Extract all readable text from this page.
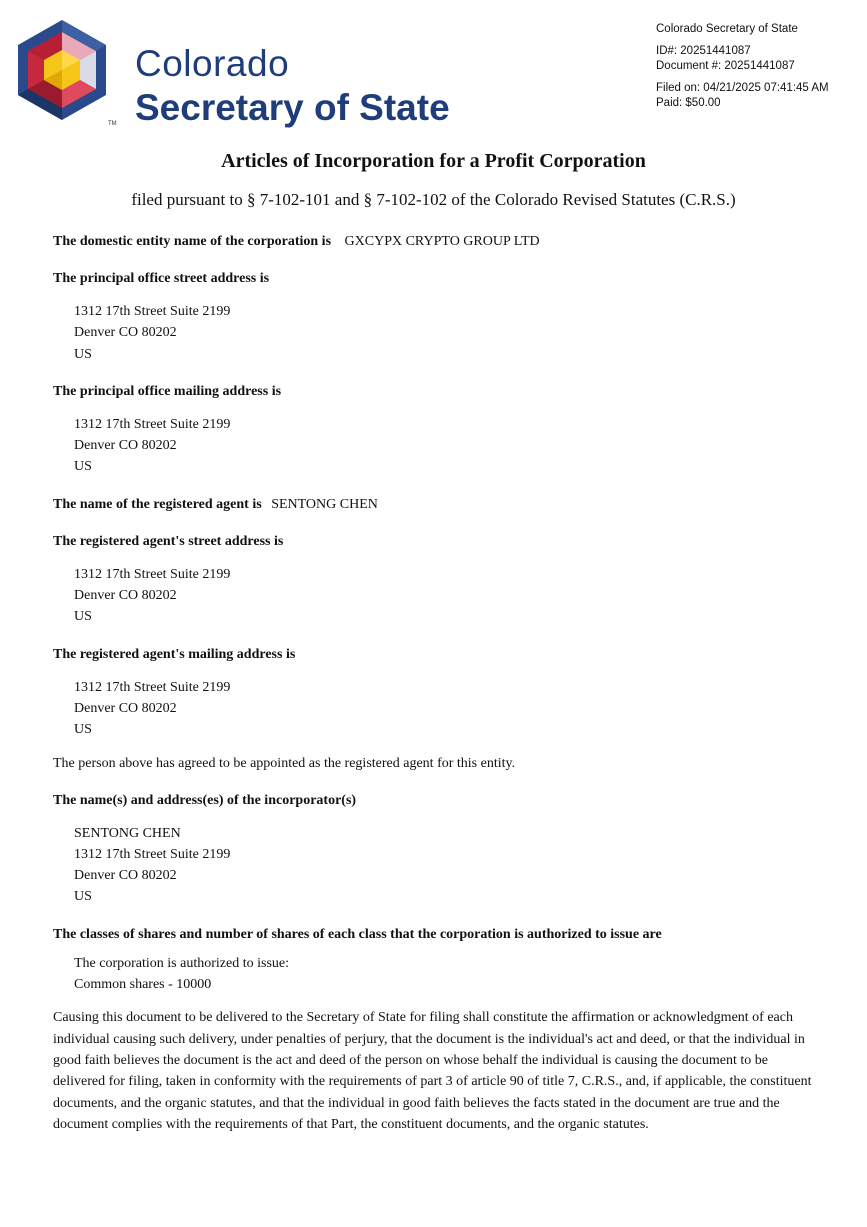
TM
Colorado
Secretary of State
Colorado Secretary of State
ID#: 20251441087
Document #: 20251441087
Filed on: 04/21/2025 07:41:45 AM
Paid: $50.00
Articles of Incorporation for a Profit Corporation
filed pursuant to § 7-102-101 and § 7-102-102 of the Colorado Revised Statutes (C.R.S.)
The domestic entity name of the corporation is GXCYPX CRYPTO GROUP LTD
The principal office street address is
1312 17th Street Suite 2199
Denver CO 80202
US
The principal office mailing address is
1312 17th Street Suite 2199
Denver CO 80202
US
The name of the registered agent is SENTONG CHEN
The registered agent's street address is
1312 17th Street Suite 2199
Denver CO 80202
US
The registered agent's mailing address is
1312 17th Street Suite 2199
Denver CO 80202
US
The person above has agreed to be appointed as the registered agent for this entity.
The name(s) and address(es) of the incorporator(s)
SENTONG CHEN
1312 17th Street Suite 2199
Denver CO 80202
US
The classes of shares and number of shares of each class that the corporation is authorized to issue are
The corporation is authorized to issue:
Common shares - 10000
Causing this document to be delivered to the Secretary of State for filing shall constitute the affirmation or acknowledgment of each individual causing such delivery, under penalties of perjury, that the document is the individual's act and deed, or that the individual in good faith believes the document is the act and deed of the person on whose behalf the individual is causing the document to be delivered for filing, taken in conformity with the requirements of part 3 of article 90 of title 7, C.R.S., and, if applicable, the constituent documents, and the organic statutes, and that the individual in good faith believes the facts stated in the document are true and the document complies with the requirements of that Part, the constituent documents, and the organic statutes.
